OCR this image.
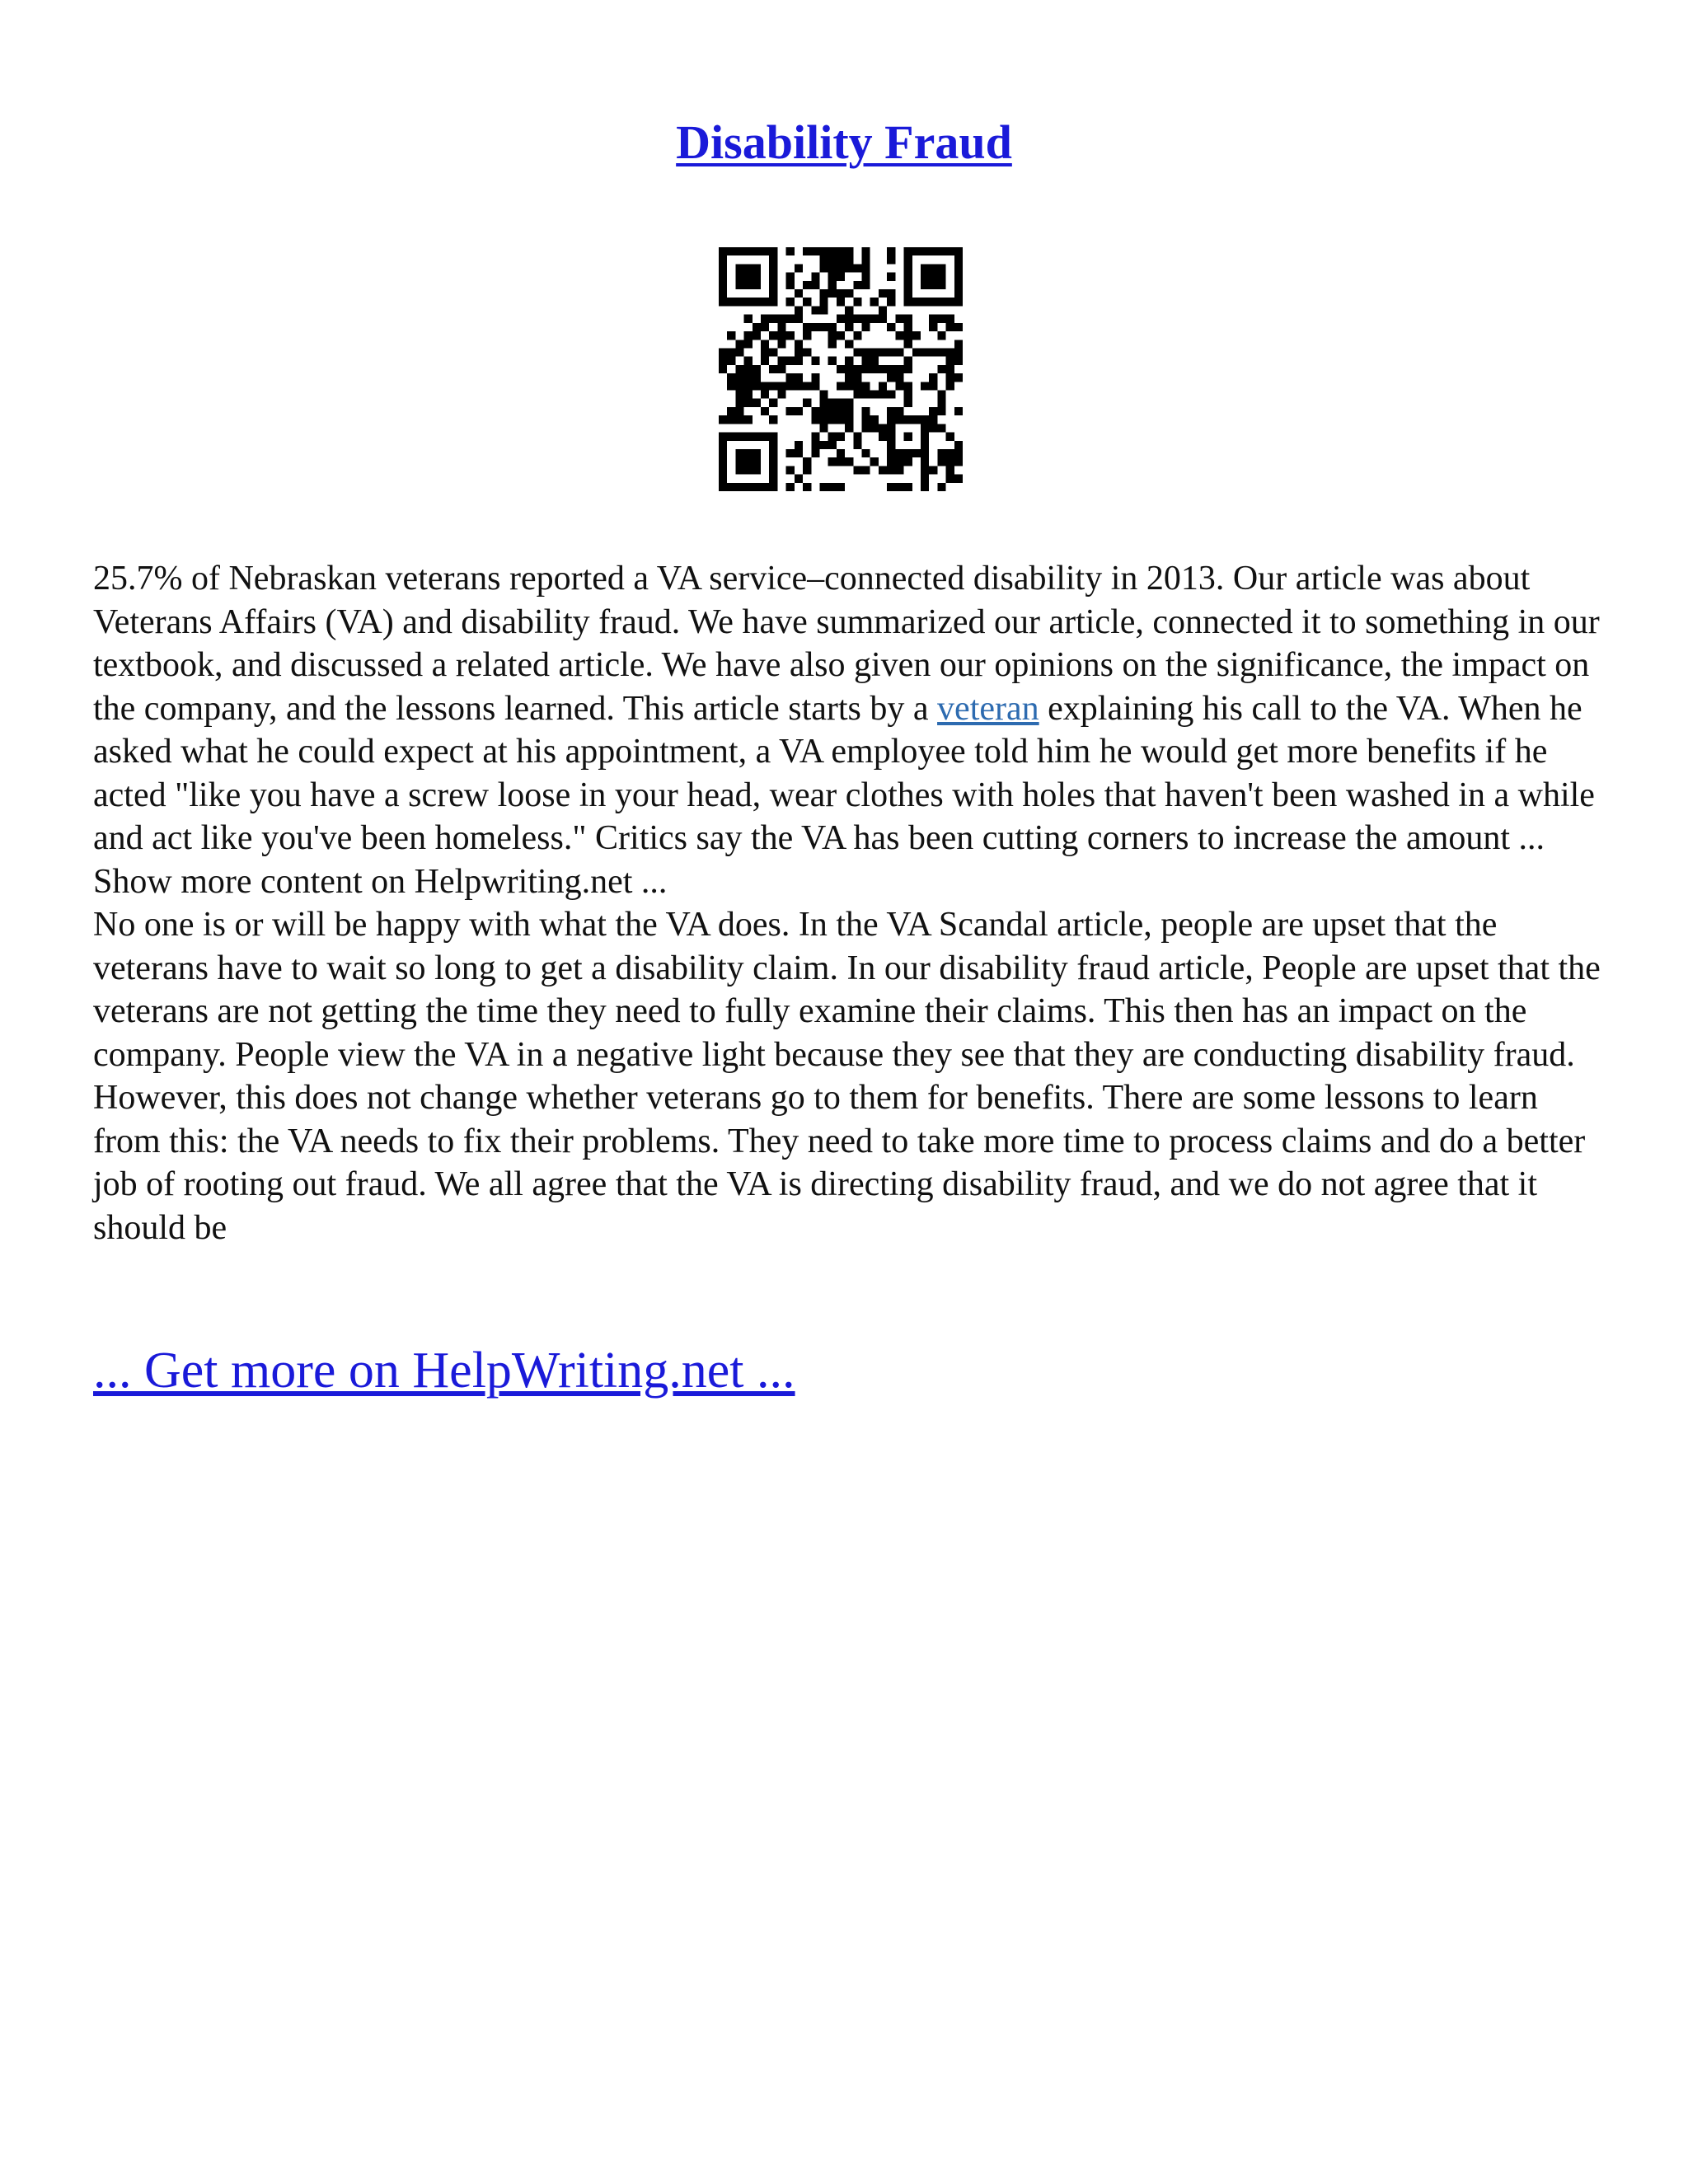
Disability Fraud

25.7% of Nebraskan veterans reported a VA service–connected disability in 2013. Our article was about Veterans Affairs (VA) and disability fraud. We have summarized our article, connected it to something in our textbook, and discussed a related article. We have also given our opinions on the significance, the impact on the company, and the lessons learned. This article starts by a veteran explaining his call to the VA. When he asked what he could expect at his appointment, a VA employee told him he would get more benefits if he acted "like you have a screw loose in your head, wear clothes with holes that haven't been washed in a while and act like you've been homeless." Critics say the VA has been cutting corners to increase the amount ... Show more content on Helpwriting.net ...

No one is or will be happy with what the VA does. In the VA Scandal article, people are upset that the veterans have to wait so long to get a disability claim. In our disability fraud article, People are upset that the veterans are not getting the time they need to fully examine their claims. This then has an impact on the company. People view the VA in a negative light because they see that they are conducting disability fraud. However, this does not change whether veterans go to them for benefits. There are some lessons to learn from this: the VA needs to fix their problems. They need to take more time to process claims and do a better job of rooting out fraud. We all agree that the VA is directing disability fraud, and we do not agree that it should be

... Get more on HelpWriting.net ...
